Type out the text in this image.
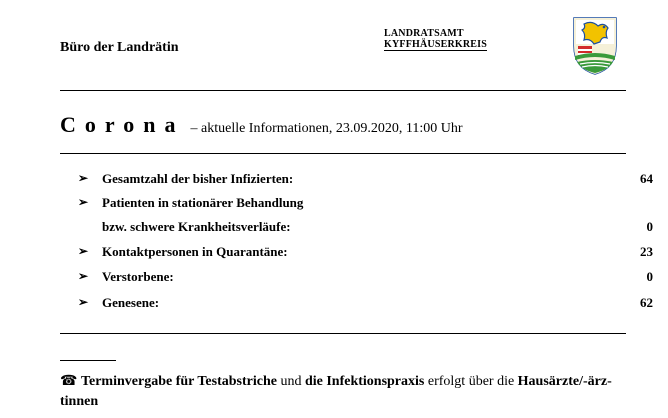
Büro der Landrätin
LANDRATSAMT

KYFFHÄUSERKREIS
Corona – aktuelle Informationen, 23.09.2020, 11:00 Uhr
➢ Gesamtzahl der bisher Infizierten:	64
➢ Patienten in stationärer Behandlung
bzw. schwere Krankheitsverläufe:	0
➢ Kontaktpersonen in Quarantäne:	23
➢ Verstorbene:	0
➢ Genesene:	62
☎ Terminvergabe für Testabstriche und die Infektionspraxis erfolgt über die Hausärzte/-ärz-tinnen
